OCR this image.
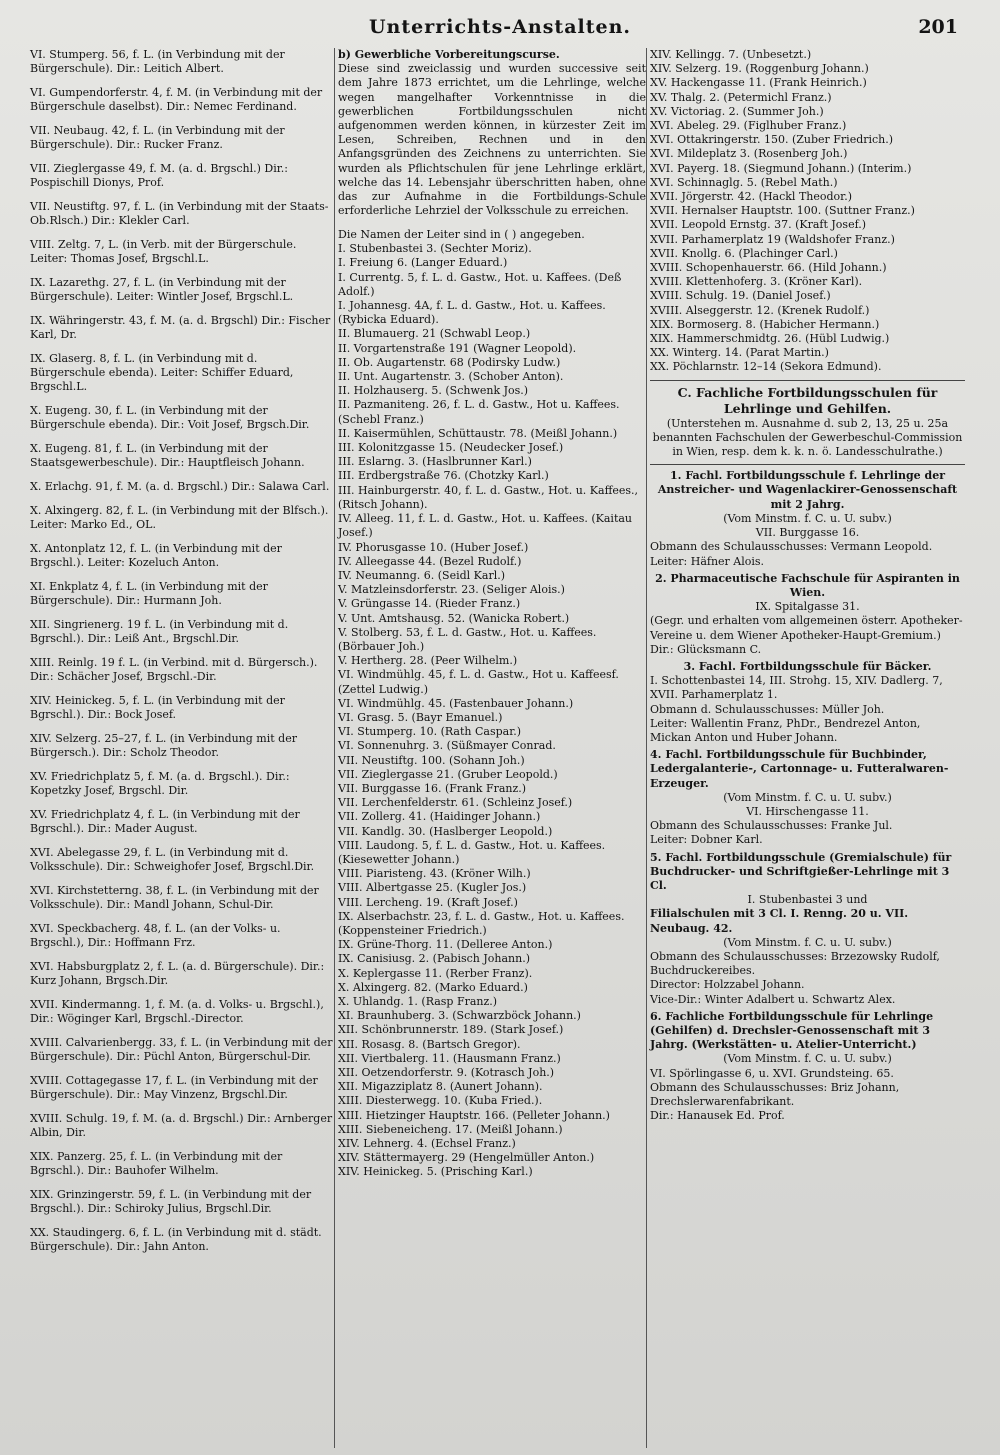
Unterrichts-Anstalten.	201
VI. Stumperg. 56, f. L. (in Verbindung mit der Bürgerschule). Dir.: Leitich Albert.
VI. Gumpendorferstr. 4, f. M. (in Verbindung mit der Bürgerschule daselbst). Dir.: Nemec Ferdinand.
VII. Neubaug. 42, f. L. (in Verbindung mit der Bürgerschule). Dir.: Rucker Franz.
VII. Zieglergasse 49, f. M. (a. d. Brgschl.) Dir.: Pospischill Dionys, Prof.
VII. Neustiftg. 97, f. L. (in Verbindung mit der Staats-Ob.Rlsch.) Dir.: Klekler Carl.
VIII. Zeltg. 7, L. (in Verb. mit der Bürgerschule. Leiter: Thomas Josef, Brgschl.L.
IX. Lazarethg. 27, f. L. (in Verbindung mit der Bürgerschule). Leiter: Wintler Josef, Brgschl.L.
IX. Währingerstr. 43, f. M. (a. d. Brgschl) Dir.: Fischer Karl, Dr.
IX. Glaserg. 8, f. L. (in Verbindung mit d. Bürgerschule ebenda). Leiter: Schiffer Eduard, Brgschl.L.
X. Eugeng. 30, f. L. (in Verbindung mit der Bürgerschule ebenda). Dir.: Voit Josef, Brgsch.Dir.
X. Eugeng. 81, f. L. (in Verbindung mit der Staatsgewerbeschule). Dir.: Hauptfleisch Johann.
X. Erlachg. 91, f. M. (a. d. Brgschl.) Dir.: Salawa Carl.
X. Alxingerg. 82, f. L. (in Verbindung mit der Blfsch.). Leiter: Marko Ed., OL.
X. Antonplatz 12, f. L. (in Verbindung mit der Brgschl.). Leiter: Kozeluch Anton.
XI. Enkplatz 4, f. L. (in Verbindung mit der Bürgerschule). Dir.: Hurmann Joh.
XII. Singrienerg. 19 f. L. (in Verbindung mit d. Bgrschl.). Dir.: Leiß Ant., Brgschl.Dir.
XIII. Reinlg. 19 f. L. (in Verbind. mit d. Bürgersch.). Dir.: Schächer Josef, Brgschl.-Dir.
XIV. Heinickeg. 5, f. L. (in Verbindung mit der Bgrschl.). Dir.: Bock Josef.
XIV. Selzerg. 25–27, f. L. (in Verbindung mit der Bürgersch.). Dir.: Scholz Theodor.
XV. Friedrichplatz 5, f. M. (a. d. Brgschl.). Dir.: Kopetzky Josef, Brgschl. Dir.
XV. Friedrichplatz 4, f. L. (in Verbindung mit der Bgrschl.). Dir.: Mader August.
XVI. Abelegasse 29, f. L. (in Verbindung mit d. Volksschule). Dir.: Schweighofer Josef, Brgschl.Dir.
XVI. Kirchstetterng. 38, f. L. (in Verbindung mit der Volksschule). Dir.: Mandl Johann, Schul-Dir.
XVI. Speckbacherg. 48, f. L. (an der Volks- u. Brgschl.), Dir.: Hoffmann Frz.
XVI. Habsburgplatz 2, f. L. (a. d. Bürgerschule). Dir.: Kurz Johann, Brgsch.Dir.
XVII. Kindermanng. 1, f. M. (a. d. Volks- u. Brgschl.), Dir.: Wöginger Karl, Brgschl.-Director.
XVIII. Calvarienbergg. 33, f. L. (in Verbindung mit der Bürgerschule). Dir.: Püchl Anton, Bürgerschul-Dir.
XVIII. Cottagegasse 17, f. L. (in Verbindung mit der Bürgerschule). Dir.: May Vinzenz, Brgschl.Dir.
XVIII. Schulg. 19, f. M. (a. d. Brgschl.) Dir.: Arnberger Albin, Dir.
XIX. Panzerg. 25, f. L. (in Verbindung mit der Bgrschl.). Dir.: Bauhofer Wilhelm.
XIX. Grinzingerstr. 59, f. L. (in Verbindung mit der Brgschl.). Dir.: Schiroky Julius, Brgschl.Dir.
XX. Staudingerg. 6, f. L. (in Verbindung mit d. städt. Bürgerschule). Dir.: Jahn Anton.
b) Gewerbliche Vorbereitungscurse.
Diese sind zweiclassig und wurden successive seit dem Jahre 1873 errichtet, um die Lehrlinge, welche wegen mangelhafter Vorkenntnisse in die gewerblichen Fortbildungsschulen nicht aufgenommen werden können, in kürzester Zeit im Lesen, Schreiben, Rechnen und in den Anfangsgründen des Zeichnens zu unterrichten. Sie wurden als Pflichtschulen für jene Lehrlinge erklärt, welche das 14. Lebensjahr überschritten haben, ohne das zur Aufnahme in die Fortbildungs-Schule erforderliche Lehrziel der Volksschule zu erreichen.
Die Namen der Leiter sind in ( ) angegeben.
I. Stubenbastei 3. (Sechter Moriz).
I. Freiung 6. (Langer Eduard.)
I. Currentg. 5, f. L. d. Gastw., Hot. u. Kaffees. (Deß Adolf.)
I. Johannesg. 4A, f. L. d. Gastw., Hot. u. Kaffees. (Rybicka Eduard).
II. Blumauerg. 21 (Schwabl Leop.)
II. Vorgartenstraße 191 (Wagner Leopold).
II. Ob. Augartenstr. 68 (Podirsky Ludw.)
II. Unt. Augartenstr. 3. (Schober Anton).
II. Holzhauserg. 5. (Schwenk Jos.)
II. Pazmaniteng. 26, f. L. d. Gastw., Hot u. Kaffees. (Schebl Franz.)
II. Kaisermühlen, Schüttaustr. 78. (Meißl Johann.)
III. Kolonitzgasse 15. (Neudecker Josef.)
III. Eslarng. 3. (Haslbrunner Karl.)
III. Erdbergstraße 76. (Chotzky Karl.)
III. Hainburgerstr. 40, f. L. d. Gastw., Hot. u. Kaffees., (Ritsch Johann).
IV. Alleeg. 11, f. L. d. Gastw., Hot. u. Kaffees. (Kaitau Josef.)
IV. Phorusgasse 10. (Huber Josef.)
IV. Alleegasse 44. (Bezel Rudolf.)
IV. Neumanng. 6. (Seidl Karl.)
V. Matzleinsdorferstr. 23. (Seliger Alois.)
V. Grüngasse 14. (Rieder Franz.)
V. Unt. Amtshausg. 52. (Wanicka Robert.)
V. Stolberg. 53, f. L. d. Gastw., Hot. u. Kaffees. (Börbauer Joh.)
V. Hertherg. 28. (Peer Wilhelm.)
VI. Windmühlg. 45, f. L. d. Gastw., Hot u. Kaffeesf. (Zettel Ludwig.)
VI. Windmühlg. 45. (Fastenbauer Johann.)
VI. Grasg. 5. (Bayr Emanuel.)
VI. Stumperg. 10. (Rath Caspar.)
VI. Sonnenuhrg. 3. (Süßmayer Conrad.
VII. Neustiftg. 100. (Sohann Joh.)
VII. Zieglergasse 21. (Gruber Leopold.)
VII. Burggasse 16. (Frank Franz.)
VII. Lerchenfelderstr. 61. (Schleinz Josef.)
VII. Zollerg. 41. (Haidinger Johann.)
VII. Kandlg. 30. (Haslberger Leopold.)
VIII. Laudong. 5, f. L. d. Gastw., Hot. u. Kaffees. (Kiesewetter Johann.)
VIII. Piaristeng. 43. (Kröner Wilh.)
VIII. Albertgasse 25. (Kugler Jos.)
VIII. Lercheng. 19. (Kraft Josef.)
IX. Alserbachstr. 23, f. L. d. Gastw., Hot. u. Kaffees. (Koppensteiner Friedrich.)
IX. Grüne-Thorg. 11. (Delleree Anton.)
IX. Canisiusg. 2. (Pabisch Johann.)
X. Keplergasse 11. (Rerber Franz).
X. Alxingerg. 82. (Marko Eduard.)
X. Uhlandg. 1. (Rasp Franz.)
XI. Braunhuberg. 3. (Schwarzböck Johann.)
XII. Schönbrunnerstr. 189. (Stark Josef.)
XII. Rosasg. 8. (Bartsch Gregor).
XII. Viertbalerg. 11. (Hausmann Franz.)
XII. Oetzendorferstr. 9. (Kotrasch Joh.)
XII. Migazziplatz 8. (Aunert Johann).
XIII. Diesterwegg. 10. (Kuba Fried.).
XIII. Hietzinger Hauptstr. 166. (Pelleter Johann.)
XIII. Siebeneicheng. 17. (Meißl Johann.)
XIV. Lehnerg. 4. (Echsel Franz.)
XIV. Stättermayerg. 29 (Hengelmüller Anton.)
XIV. Heinickeg. 5. (Prisching Karl.)
XIV. Kellingg. 7. (Unbesetzt.)
XIV. Selzerg. 19. (Roggenburg Johann.)
XV. Hackengasse 11. (Frank Heinrich.)
XV. Thalg. 2. (Petermichl Franz.)
XV. Victoriag. 2. (Summer Joh.)
XVI. Abeleg. 29. (Figlhuber Franz.)
XVI. Ottakringerstr. 150. (Zuber Friedrich.)
XVI. Mildeplatz 3. (Rosenberg Joh.)
XVI. Payerg. 18. (Siegmund Johann.) (Interim.)
XVI. Schinnaglg. 5. (Rebel Math.)
XVII. Jörgerstr. 42. (Hackl Theodor.)
XVII. Hernalser Hauptstr. 100. (Suttner Franz.)
XVII. Leopold Ernstg. 37. (Kraft Josef.)
XVII. Parhamerplatz 19 (Waldshofer Franz.)
XVII. Knollg. 6. (Plachinger Carl.)
XVIII. Schopenhauerstr. 66. (Hild Johann.)
XVIII. Klettenhoferg. 3. (Kröner Karl).
XVIII. Schulg. 19. (Daniel Josef.)
XVIII. Alseggerstr. 12. (Krenek Rudolf.)
XIX. Bormoserg. 8. (Habicher Hermann.)
XIX. Hammerschmidtg. 26. (Hübl Ludwig.)
XX. Winterg. 14. (Parat Martin.)
XX. Pöchlarnstr. 12–14 (Sekora Edmund).
C. Fachliche Fortbildungsschulen für Lehrlinge und Gehilfen.
(Unterstehen m. Ausnahme d. sub 2, 13, 25 u. 25a benannten Fachschulen der Gewerbeschul-Commission in Wien, resp. dem k. k. n. ö. Landesschulrathe.)
1. Fachl. Fortbildungsschule f. Lehrlinge der Anstreicher- und Wagenlackirer-Genossenschaft mit 2 Jahrg.
(Vom Minstm. f. C. u. U. subv.)
VII. Burggasse 16.
Obmann des Schulausschusses: Vermann Leopold.
Leiter: Häfner Alois.
2. Pharmaceutische Fachschule für Aspiranten in Wien.
IX. Spitalgasse 31.
(Gegr. und erhalten vom allgemeinen österr. Apotheker-Vereine u. dem Wiener Apotheker-Haupt-Gremium.)
Dir.: Glücksmann C.
3. Fachl. Fortbildungsschule für Bäcker.
I. Schottenbastei 14, III. Strohg. 15, XIV. Dadlerg. 7, XVII. Parhamerplatz 1.
Obmann d. Schulausschusses: Müller Joh.
Leiter: Wallentin Franz, PhDr., Bendrezel Anton, Mickan Anton und Huber Johann.
4. Fachl. Fortbildungsschule für Buchbinder, Ledergalanterie-, Cartonnage- u. Futteralwaren-Erzeuger.
(Vom Minstm. f. C. u. U. subv.)
VI. Hirschengasse 11.
Obmann des Schulausschusses: Franke Jul.
Leiter: Dobner Karl.
5. Fachl. Fortbildungsschule (Gremialschule) für Buchdrucker- und Schriftgießer-Lehrlinge mit 3 Cl.
I. Stubenbastei 3 und
Filialschulen mit 3 Cl. I. Renng. 20 u. VII. Neubaug. 42.
(Vom Minstm. f. C. u. U. subv.)
Obmann des Schulausschusses: Brzezowsky Rudolf, Buchdruckereibes.
Director: Holzzabel Johann.
Vice-Dir.: Winter Adalbert u. Schwartz Alex.
6. Fachliche Fortbildungsschule für Lehrlinge (Gehilfen) d. Drechsler-Genossenschaft mit 3 Jahrg. (Werkstätten- u. Atelier-Unterricht.)
(Vom Minstm. f. C. u. U. subv.)
VI. Spörlingasse 6, u. XVI. Grundsteing. 65.
Obmann des Schulausschusses: Briz Johann, Drechslerwarenfabrikant.
Dir.: Hanausek Ed. Prof.
